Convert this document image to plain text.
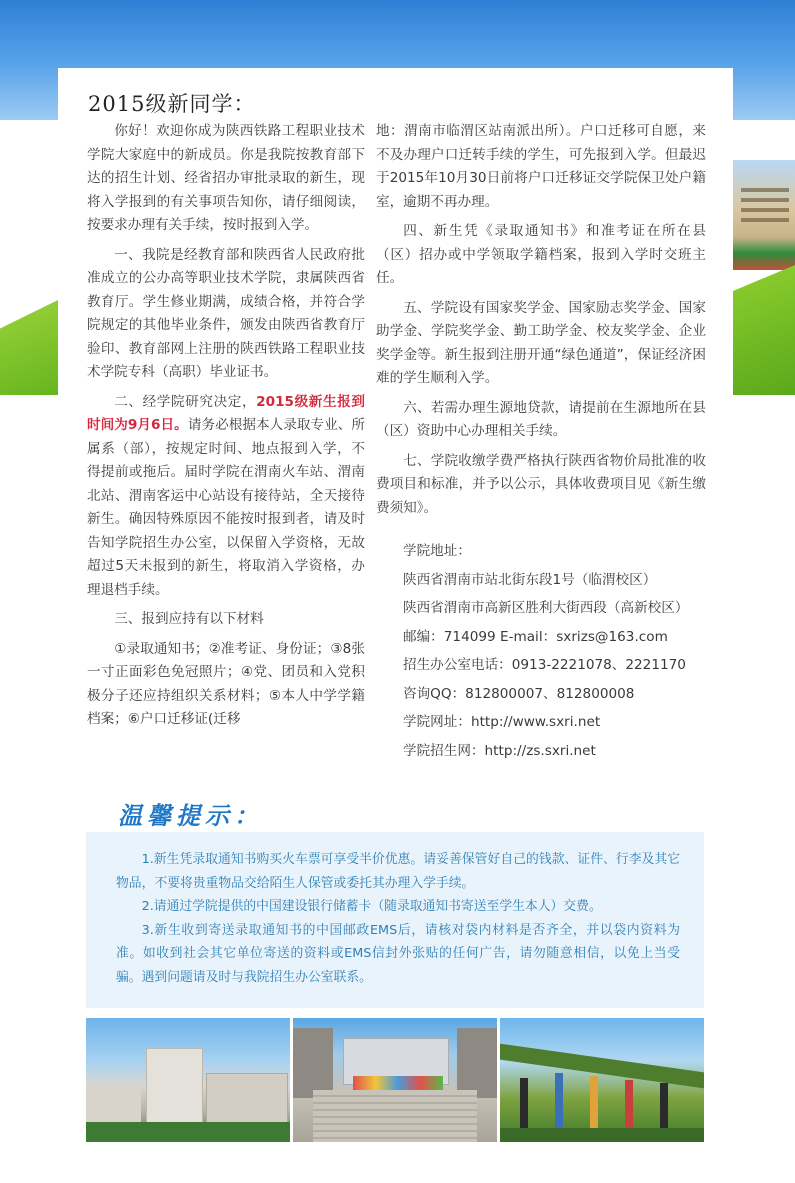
2015级新同学：

你好！欢迎你成为陕西铁路工程职业技术学院大家庭中的新成员。你是我院按教育部下达的招生计划、经省招办审批录取的新生，现将入学报到的有关事项告知你，请仔细阅读，按要求办理有关手续，按时报到入学。

一、我院是经教育部和陕西省人民政府批准成立的公办高等职业技术学院，隶属陕西省教育厅。学生修业期满，成绩合格，并符合学院规定的其他毕业条件，颁发由陕西省教育厅验印、教育部网上注册的陕西铁路工程职业技术学院专科（高职）毕业证书。

二、经学院研究决定，2015级新生报到时间为9月6日。请务必根据本人录取专业、所属系（部），按规定时间、地点报到入学，不得提前或拖后。届时学院在渭南火车站、渭南北站、渭南客运中心站设有接待站，全天接待新生。确因特殊原因不能按时报到者，请及时告知学院招生办公室，以保留入学资格，无故超过5天未报到的新生，将取消入学资格，办理退档手续。

三、报到应持有以下材料

①录取通知书；②准考证、身份证；③8张一寸正面彩色免冠照片；④党、团员和入党积极分子还应持组织关系材料；⑤本人中学学籍档案；⑥户口迁移证(迁移

地：渭南市临渭区站南派出所）。户口迁移可自愿，来不及办理户口迁转手续的学生，可先报到入学。但最迟于2015年10月30日前将户口迁移证交学院保卫处户籍室，逾期不再办理。

四、新生凭《录取通知书》和准考证在所在县（区）招办或中学领取学籍档案，报到入学时交班主任。

五、学院设有国家奖学金、国家励志奖学金、国家助学金、学院奖学金、勤工助学金、校友奖学金、企业奖学金等。新生报到注册开通“绿色通道”，保证经济困难的学生顺利入学。

六、若需办理生源地贷款，请提前在生源地所在县（区）资助中心办理相关手续。

七、学院收缴学费严格执行陕西省物价局批准的收费项目和标准，并予以公示，具体收费项目见《新生缴费须知》。

学院地址：
陕西省渭南市站北街东段1号（临渭校区）
陕西省渭南市高新区胜利大街西段（高新校区）
邮编：714099 E-mail：sxrizs@163.com
招生办公室电话：0913-2221078、2221170
咨询QQ：812800007、812800008
学院网址：http://www.sxri.net
学院招生网：http://zs.sxri.net
温馨提示：

1.新生凭录取通知书购买火车票可享受半价优惠。请妥善保管好自己的钱款、证件、行李及其它物品，不要将贵重物品交给陌生人保管或委托其办理入学手续。

2.请通过学院提供的中国建设银行储蓄卡（随录取通知书寄送至学生本人）交费。

3.新生收到寄送录取通知书的中国邮政EMS后，请核对袋内材料是否齐全，并以袋内资料为准。如收到社会其它单位寄送的资料或EMS信封外张贴的任何广告，请勿随意相信，以免上当受骗。遇到问题请及时与我院招生办公室联系。
